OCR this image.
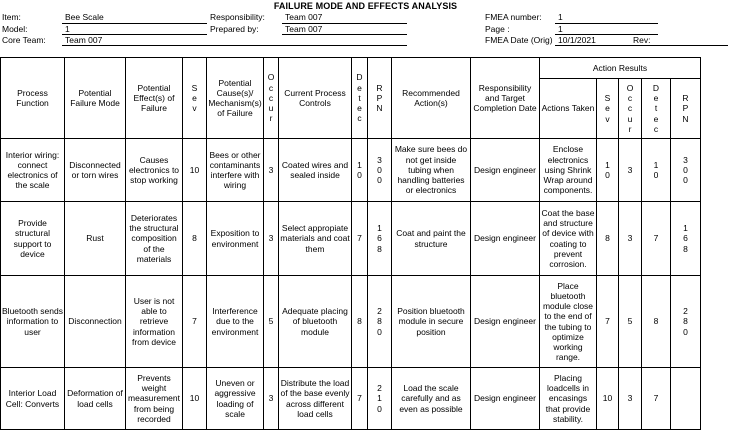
FAILURE MODE AND EFFECTS ANALYSIS
Item:	Bee Scale
Model:	1
Core Team: Team 007
Responsibility: Team 007
Prepared by:	Team 007
FMEA number: 1
Page :	1
FMEA Date (Orig) 10/1/2021	Rev:
Process Function	Potential Failure Mode	Potential Effect(s) of Failure	Sev	Potential Cause(s)/ Mechanism(s) of Failure	Occur	Current Process Controls	Detec	RPN	Recommended Action(s)	Responsibility and Target Completion Date	Action Results				
											Actions Taken	Sev	Occur	Detec	RPN

Interior wiring: connect electronics of the scale	Disconnected or torn wires	Causes electronics to stop working	10	Bees or other contaminants interfere with wiring	3	Coated wires and sealed inside	10	300	Make sure bees do not get inside tubing when handling batteries or electronics	Design engineer	Enclose electronics using Shrink Wrap around components.	10	3	10	300

Provide structural support to device	Rust	Deteriorates the structural composition of the materials	8	Exposition to environment	3	Select appropiate materials and coat them	7	168	Coat and paint the structure	Design engineer	Coat the base and structure of device with coating to prevent corrosion.	8	3	7	168

Bluetooth sends information to user	Disconnection	User is not able to retrieve information from device	7	Interference due to the environment	5	Adequate placing of bluetooth module	8	280	Position bluetooth module in secure position	Design engineer	Place bluetooth module close to the end of the tubing to optimize working range.	7	5	8	280

Interior Load Cell: Converts	Deformation of load cells	Prevents weight measurement from being recorded	10	Uneven or aggressive loading of scale	3	Distribute the load of the base evenly across different load cells	7	210	Load the scale carefully and as even as possible	Design engineer	Placing loadcells in encasings that provide stability.	10	3	7	
